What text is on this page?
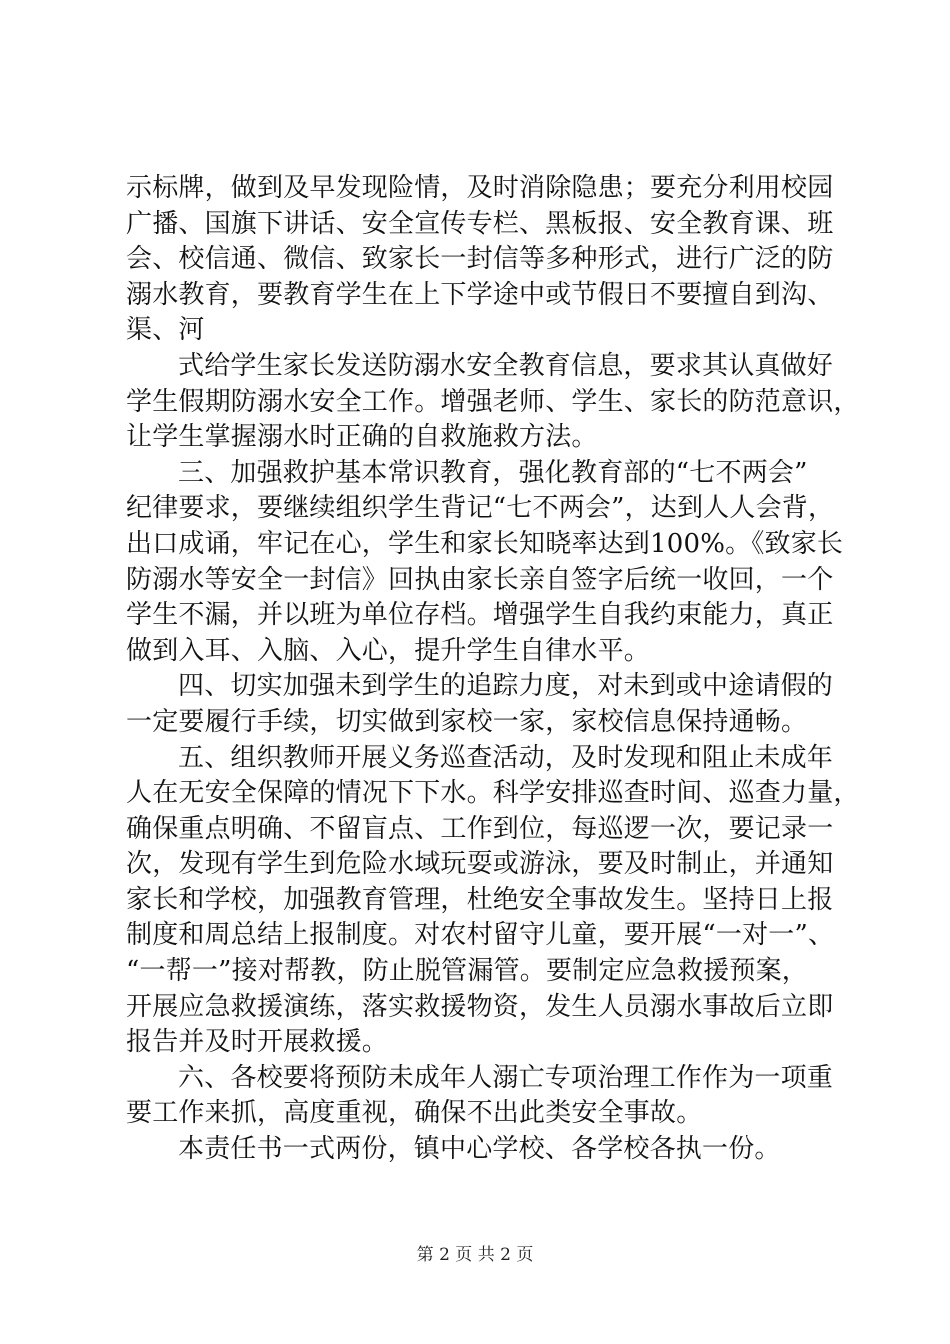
示标牌，做到及早发现险情，及时消除隐患；要充分利用校园
广播、国旗下讲话、安全宣传专栏、黑板报、安全教育课、班
会、校信通、微信、致家长一封信等多种形式，进行广泛的防
溺水教育，要教育学生在上下学途中或节假日不要擅自到沟、
渠、河
式给学生家长发送防溺水安全教育信息，要求其认真做好
学生假期防溺水安全工作。增强老师、学生、家长的防范意识，
让学生掌握溺水时正确的自救施救方法。
三、加强救护基本常识教育，强化教育部的“七不两会”
纪律要求，要继续组织学生背记“七不两会”，达到人人会背，
出口成诵，牢记在心，学生和家长知晓率达到100%。《致家长
防溺水等安全一封信》回执由家长亲自签字后统一收回，一个
学生不漏，并以班为单位存档。增强学生自我约束能力，真正
做到入耳、入脑、入心，提升学生自律水平。
四、切实加强未到学生的追踪力度，对未到或中途请假的
一定要履行手续，切实做到家校一家，家校信息保持通畅。
五、组织教师开展义务巡查活动，及时发现和阻止未成年
人在无安全保障的情况下下水。科学安排巡查时间、巡查力量，
确保重点明确、不留盲点、工作到位，每巡逻一次，要记录一
次，发现有学生到危险水域玩耍或游泳，要及时制止，并通知
家长和学校，加强教育管理，杜绝安全事故发生。坚持日上报
制度和周总结上报制度。对农村留守儿童，要开展“一对一”、
“一帮一”接对帮教，防止脱管漏管。要制定应急救援预案，
开展应急救援演练，落实救援物资，发生人员溺水事故后立即
报告并及时开展救援。
六、各校要将预防未成年人溺亡专项治理工作作为一项重
要工作来抓，高度重视，确保不出此类安全事故。
本责任书一式两份，镇中心学校、各学校各执一份。
第 2 页 共 2 页
